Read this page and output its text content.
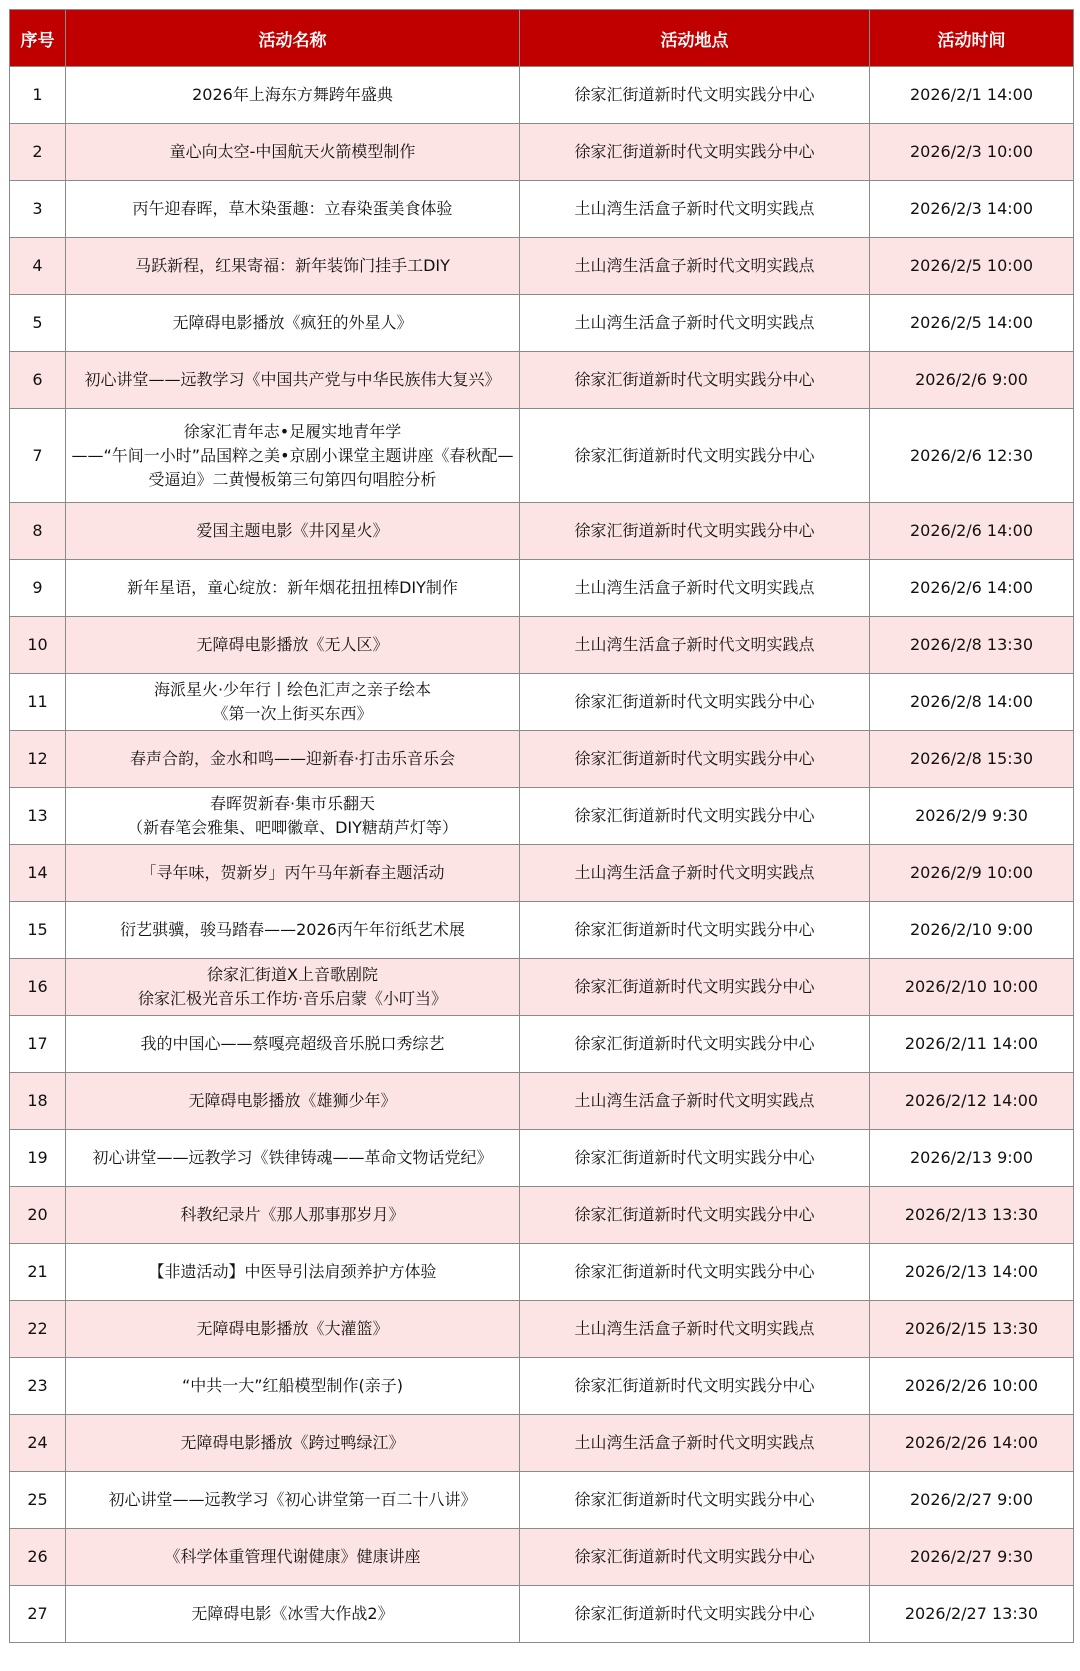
序号	活动名称	活动地点	活动时间
1	2026年上海东方舞跨年盛典	徐家汇街道新时代文明实践分中心	2026/2/1 14:00
2	童心向太空-中国航天火箭模型制作	徐家汇街道新时代文明实践分中心	2026/2/3 10:00
3	丙午迎春晖，草木染蛋趣：立春染蛋美食体验	土山湾生活盒子新时代文明实践点	2026/2/3 14:00
4	马跃新程，红果寄福：新年装饰门挂手工DIY	土山湾生活盒子新时代文明实践点	2026/2/5 10:00
5	无障碍电影播放《疯狂的外星人》	土山湾生活盒子新时代文明实践点	2026/2/5 14:00
6	初心讲堂——远教学习《中国共产党与中华民族伟大复兴》	徐家汇街道新时代文明实践分中心	2026/2/6 9:00
7	徐家汇青年志•足履实地青年学
——“午间一小时”品国粹之美•京剧小课堂主题讲座《春秋配—受逼迫》二黄慢板第三句第四句唱腔分析	徐家汇街道新时代文明实践分中心	2026/2/6 12:30
8	爱国主题电影《井冈星火》	徐家汇街道新时代文明实践分中心	2026/2/6 14:00
9	新年星语，童心绽放：新年烟花扭扭棒DIY制作	土山湾生活盒子新时代文明实践点	2026/2/6 14:00
10	无障碍电影播放《无人区》	土山湾生活盒子新时代文明实践点	2026/2/8 13:30
11	海派星火·少年行丨绘色汇声之亲子绘本
《第一次上街买东西》	徐家汇街道新时代文明实践分中心	2026/2/8 14:00
12	春声合韵，金水和鸣——迎新春·打击乐音乐会	徐家汇街道新时代文明实践分中心	2026/2/8 15:30
13	春晖贺新春·集市乐翻天
（新春笔会雅集、吧唧徽章、DIY糖葫芦灯等）	徐家汇街道新时代文明实践分中心	2026/2/9 9:30
14	「寻年味，贺新岁」丙午马年新春主题活动	土山湾生活盒子新时代文明实践点	2026/2/9 10:00
15	衍艺骐骥，骏马踏春——2026丙午年衍纸艺术展	徐家汇街道新时代文明实践分中心	2026/2/10 9:00
16	徐家汇街道X上音歌剧院
徐家汇极光音乐工作坊·音乐启蒙《小叮当》	徐家汇街道新时代文明实践分中心	2026/2/10 10:00
17	我的中国心——蔡嘎亮超级音乐脱口秀综艺	徐家汇街道新时代文明实践分中心	2026/2/11 14:00
18	无障碍电影播放《雄狮少年》	土山湾生活盒子新时代文明实践点	2026/2/12 14:00
19	初心讲堂——远教学习《铁律铸魂——革命文物话党纪》	徐家汇街道新时代文明实践分中心	2026/2/13 9:00
20	科教纪录片《那人那事那岁月》	徐家汇街道新时代文明实践分中心	2026/2/13 13:30
21	【非遗活动】中医导引法肩颈养护方体验	徐家汇街道新时代文明实践分中心	2026/2/13 14:00
22	无障碍电影播放《大灌篮》	土山湾生活盒子新时代文明实践点	2026/2/15 13:30
23	“中共一大”红船模型制作(亲子)	徐家汇街道新时代文明实践分中心	2026/2/26 10:00
24	无障碍电影播放《跨过鸭绿江》	土山湾生活盒子新时代文明实践点	2026/2/26 14:00
25	初心讲堂——远教学习《初心讲堂第一百二十八讲》	徐家汇街道新时代文明实践分中心	2026/2/27 9:00
26	《科学体重管理代谢健康》健康讲座	徐家汇街道新时代文明实践分中心	2026/2/27 9:30
27	无障碍电影《冰雪大作战2》	徐家汇街道新时代文明实践分中心	2026/2/27 13:30
